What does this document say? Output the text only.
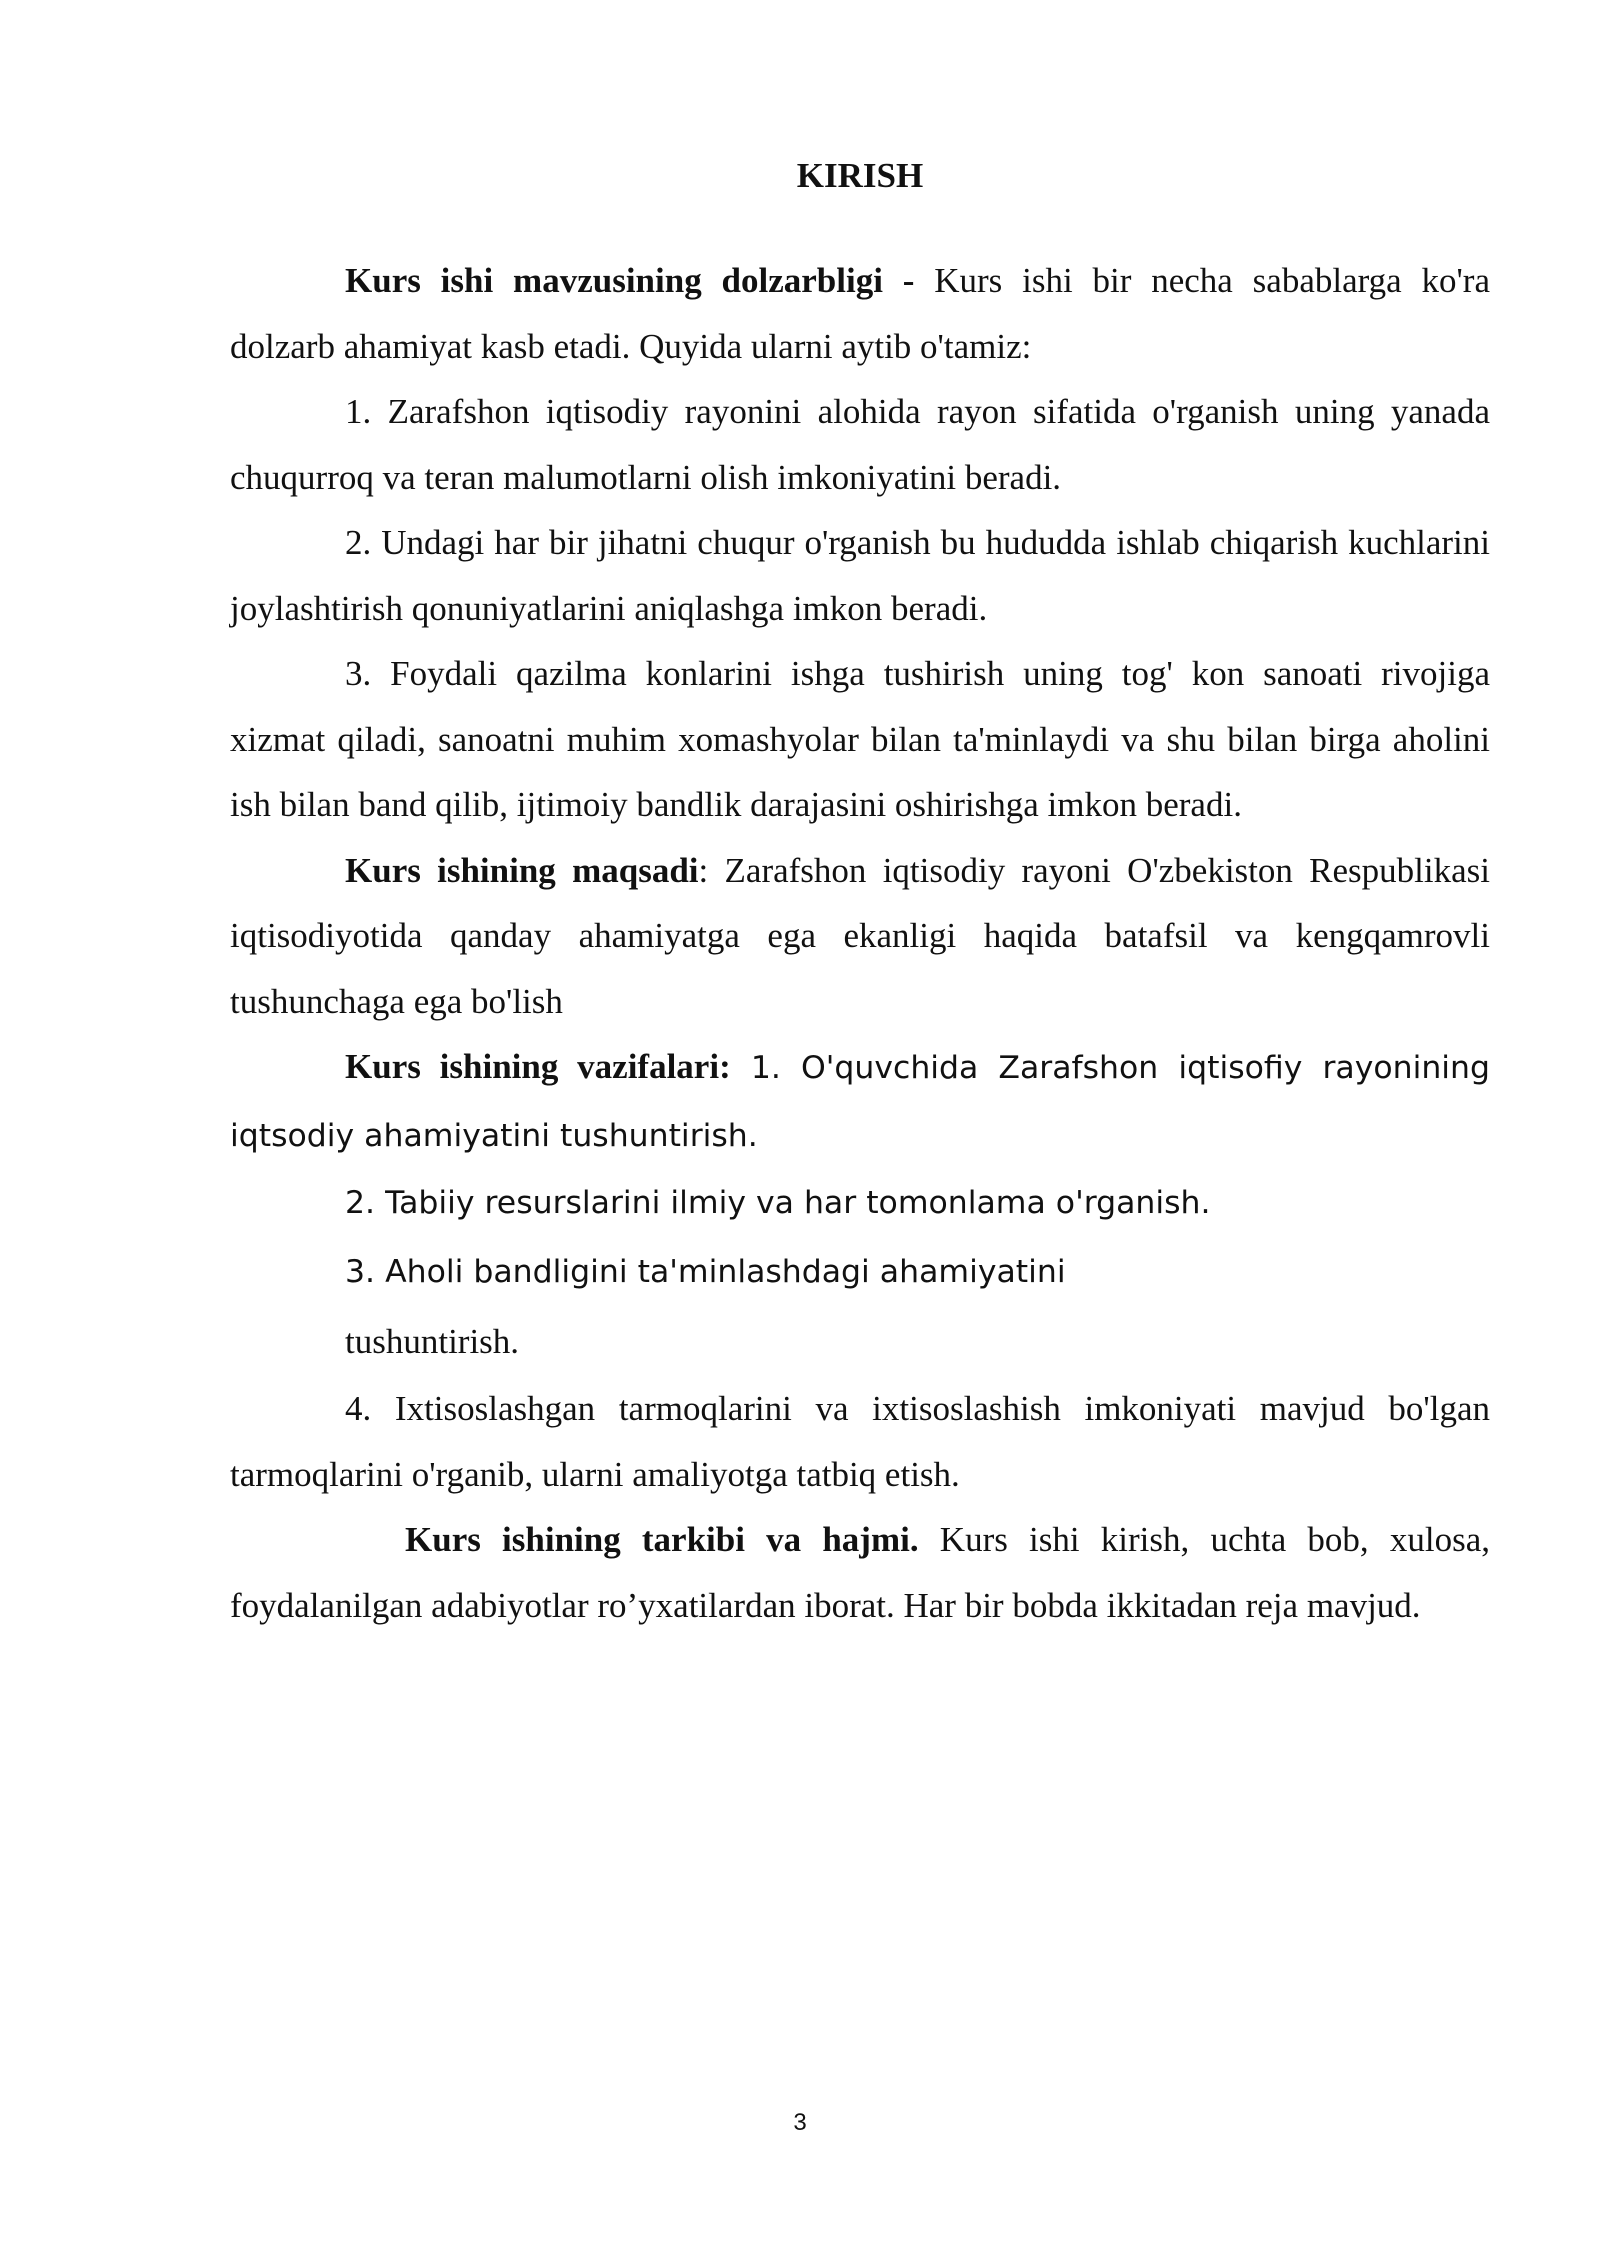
KIRISH

Kurs ishi mavzusining dolzarbligi - Kurs ishi bir necha sabablarga ko'ra dolzarb ahamiyat kasb etadi. Quyida ularni aytib o'tamiz:

1. Zarafshon iqtisodiy rayonini alohida rayon sifatida o'rganish uning yanada chuqurroq va teran malumotlarni olish imkoniyatini beradi.

2. Undagi har bir jihatni chuqur o'rganish bu hududda ishlab chiqarish kuchlarini joylashtirish qonuniyatlarini aniqlashga imkon beradi.

3. Foydali qazilma konlarini ishga tushirish uning tog' kon sanoati rivojiga xizmat qiladi, sanoatni muhim xomashyolar bilan ta'minlaydi va shu bilan birga aholini ish bilan band qilib, ijtimoiy bandlik darajasini oshirishga imkon beradi.

Kurs ishining maqsadi: Zarafshon iqtisodiy rayoni O'zbekiston Respublikasi iqtisodiyotida qanday ahamiyatga ega ekanligi haqida batafsil va kengqamrovli tushunchaga ega bo'lish

Kurs ishining vazifalari: 1. O'quvchida Zarafshon iqtisofiy rayonining iqtsodiy ahamiyatini tushuntirish.

2. Tabiiy resurslarini ilmiy va har tomonlama o'rganish.

3. Aholi bandligini ta'minlashdagi ahamiyatini

tushuntirish.

4. Ixtisoslashgan tarmoqlarini va ixtisoslashish imkoniyati mavjud bo'lgan tarmoqlarini o'rganib, ularni amaliyotga tatbiq etish.

Kurs ishining tarkibi va hajmi. Kurs ishi kirish, uchta bob, xulosa, foydalanilgan adabiyotlar ro’yxatilardan iborat. Har bir bobda ikkitadan reja mavjud.

3
